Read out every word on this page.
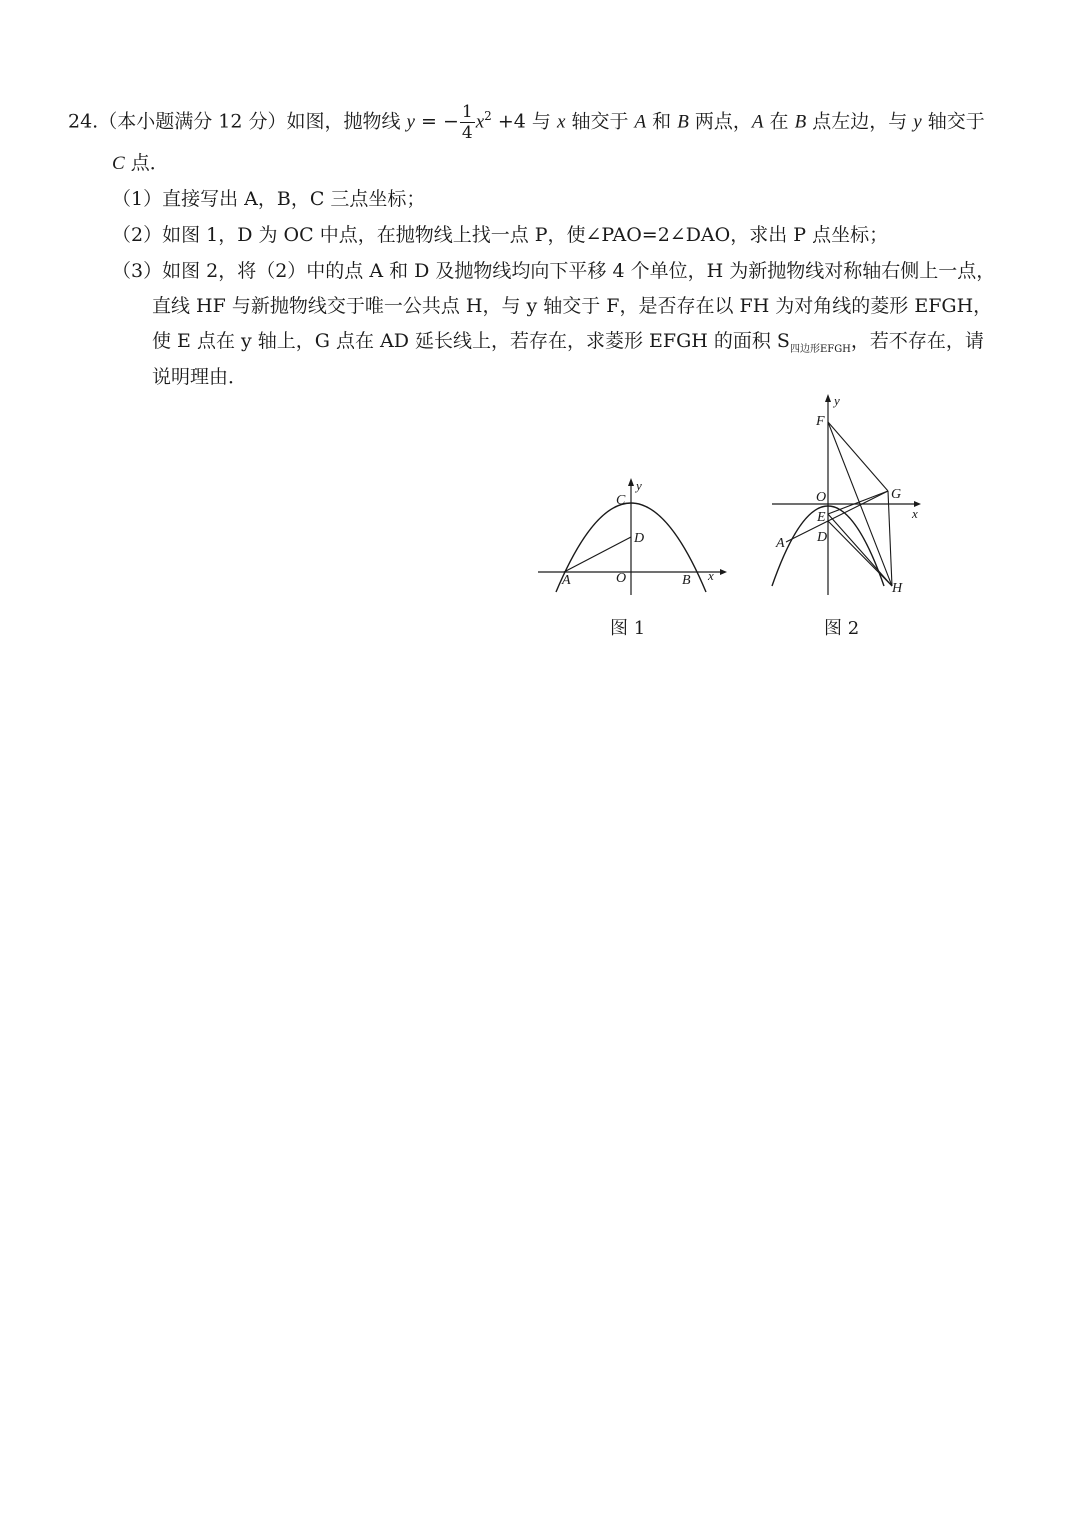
24.（本小题满分 12 分）如图，抛物线 y = − $\frac{1}{4} x^2 +4$ 与 x 轴交于 A 和 B 两点，A 在 B 点左边，与 y 轴交于
C 点．
（1）直接写出 A，B，C 三点坐标；
（2）如图 1，D 为 OC 中点，在抛物线上找一点 P，使∠PAO=2∠DAO，求出 P 点坐标；
（3）如图 2，将（2）中的点 A 和 D 及抛物线均向下平移 4 个单位，H 为新抛物线对称轴右侧上一点，
直线 HF 与新抛物线交于唯一公共点 H，与 y 轴交于 F，是否存在以 FH 为对角线的菱形 EFGH，
使 E 点在 y 轴上，G 点在 AD 延长线上，若存在，求菱形 EFGH 的面积 $S_{四边形EFGH}$，若不存在，请
说明理由．
y
C
D
A	O	B x
图 1
y
F
O	G
E
D
A
H
x
图 2
